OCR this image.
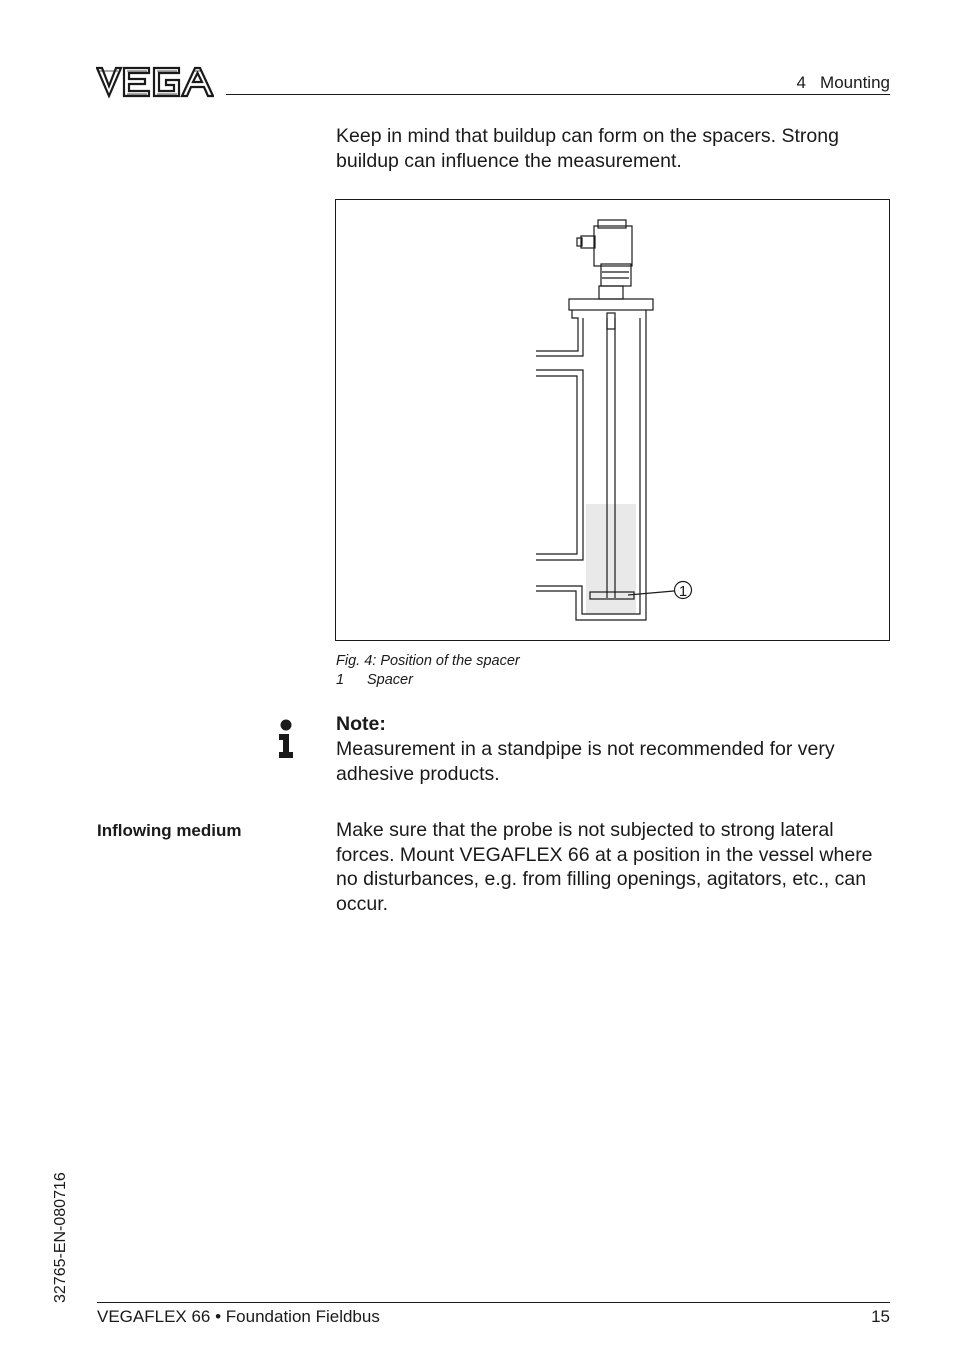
4   Mounting
Keep in mind that buildup can form on the spacers. Strong buildup can influence the measurement.
1
Fig. 4: Position of the spacer
1 Spacer
Note:
Measurement in a standpipe is not recommended for very adhesive products.
Inflowing medium	Make sure that the probe is not subjected to strong lateral forces. Mount VEGAFLEX 66 at a position in the vessel where no disturbances, e.g. from filling openings, agitators, etc., can occur.
32765-EN-080716
VEGAFLEX 66 • Foundation Fieldbus	15
